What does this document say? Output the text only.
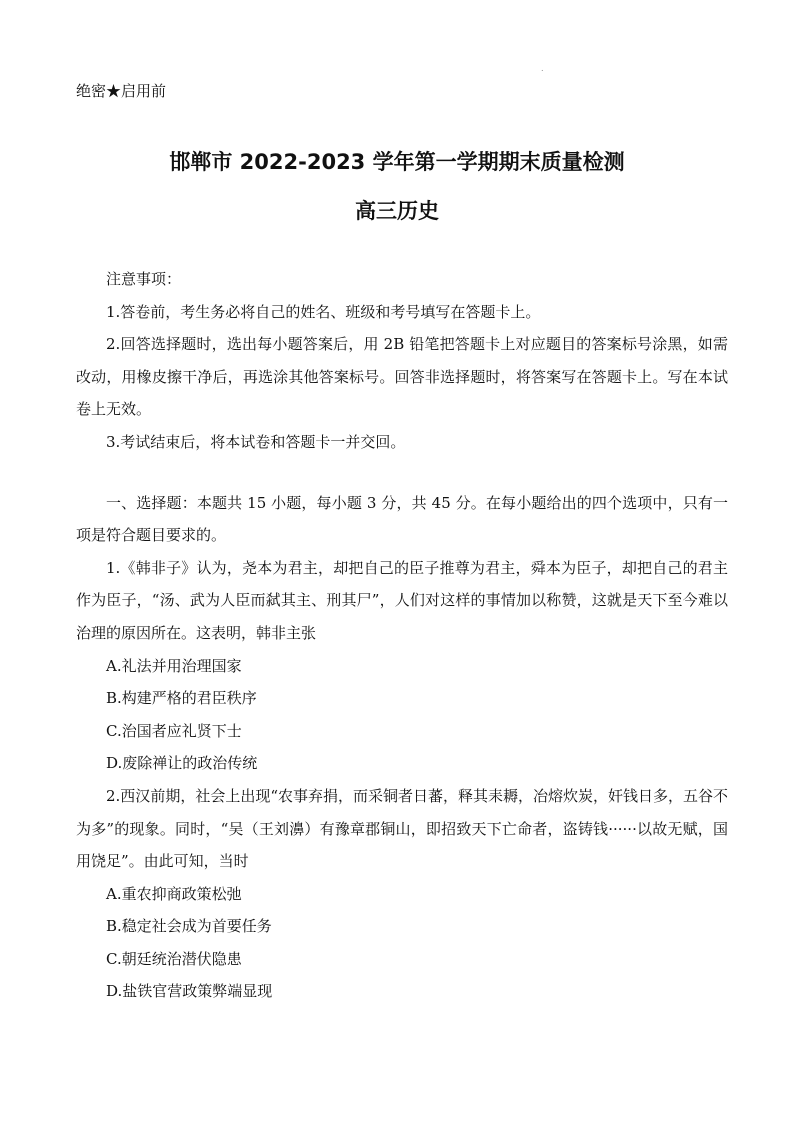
.
绝密★启用前
邯郸市 2022-2023 学年第一学期期末质量检测
高三历史

注意事项：

1.答卷前，考生务必将自己的姓名、班级和考号填写在答题卡上。

2.回答选择题时，选出每小题答案后，用 2B 铅笔把答题卡上对应题目的答案标号涂黑，如需改动，用橡皮擦干净后，再选涂其他答案标号。回答非选择题时，将答案写在答题卡上。写在本试卷上无效。

3.考试结束后，将本试卷和答题卡一并交回。

一、选择题：本题共 15 小题，每小题 3 分，共 45 分。在每小题给出的四个选项中，只有一项是符合题目要求的。

1.《韩非子》认为，尧本为君主，却把自己的臣子推尊为君主，舜本为臣子，却把自己的君主作为臣子，“汤、武为人臣而弑其主、刑其尸”，人们对这样的事情加以称赞，这就是天下至今难以治理的原因所在。这表明，韩非主张

A.礼法并用治理国家

B.构建严格的君臣秩序

C.治国者应礼贤下士

D.废除禅让的政治传统

2.西汉前期，社会上出现“农事弃捐，而采铜者日蕃，释其耒耨，冶熔炊炭，奸钱日多，五谷不为多”的现象。同时，“吴（王刘濞）有豫章郡铜山，即招致天下亡命者，盗铸钱······以故无赋，国用饶足”。由此可知，当时

A.重农抑商政策松弛

B.稳定社会成为首要任务

C.朝廷统治潜伏隐患

D.盐铁官营政策弊端显现
